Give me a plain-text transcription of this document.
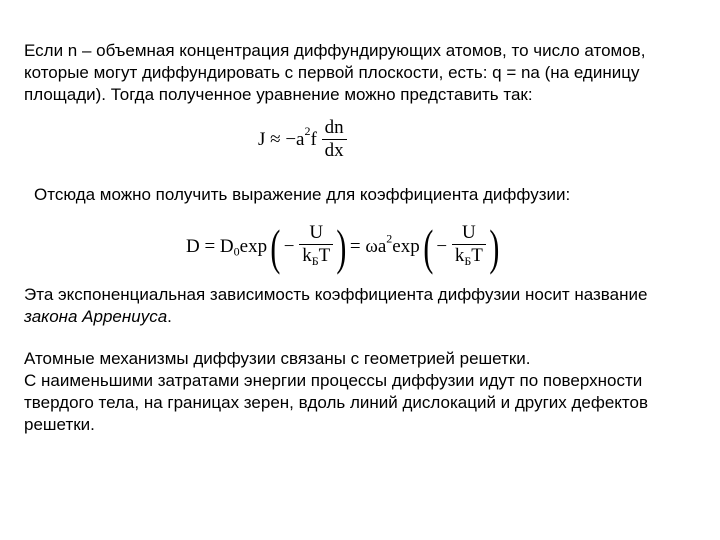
Если n – объемная концентрация диффундирующих атомов, то число атомов, которые могут диффундировать с первой плоскости, есть: q = na (на единицу площади). Тогда полученное уравнение можно представить так:

$J \approx -a^2f \frac{dn}{dx}$

Отсюда можно получить выражение для коэффициента диффузии:

$D = D_0\exp( - \frac{U}{k_БT}$ )= $\omega a^2\exp( - \frac{U}{k_БT}$ )

Эта экспоненциальная зависимость коэффициента диффузии носит название закона Аррениуса.

Атомные механизмы диффузии связаны с геометрией решетки.

С наименьшими затратами энергии процессы диффузии идут по поверхности твердого тела, на границах зерен, вдоль линий дислокаций и других дефектов решетки.
